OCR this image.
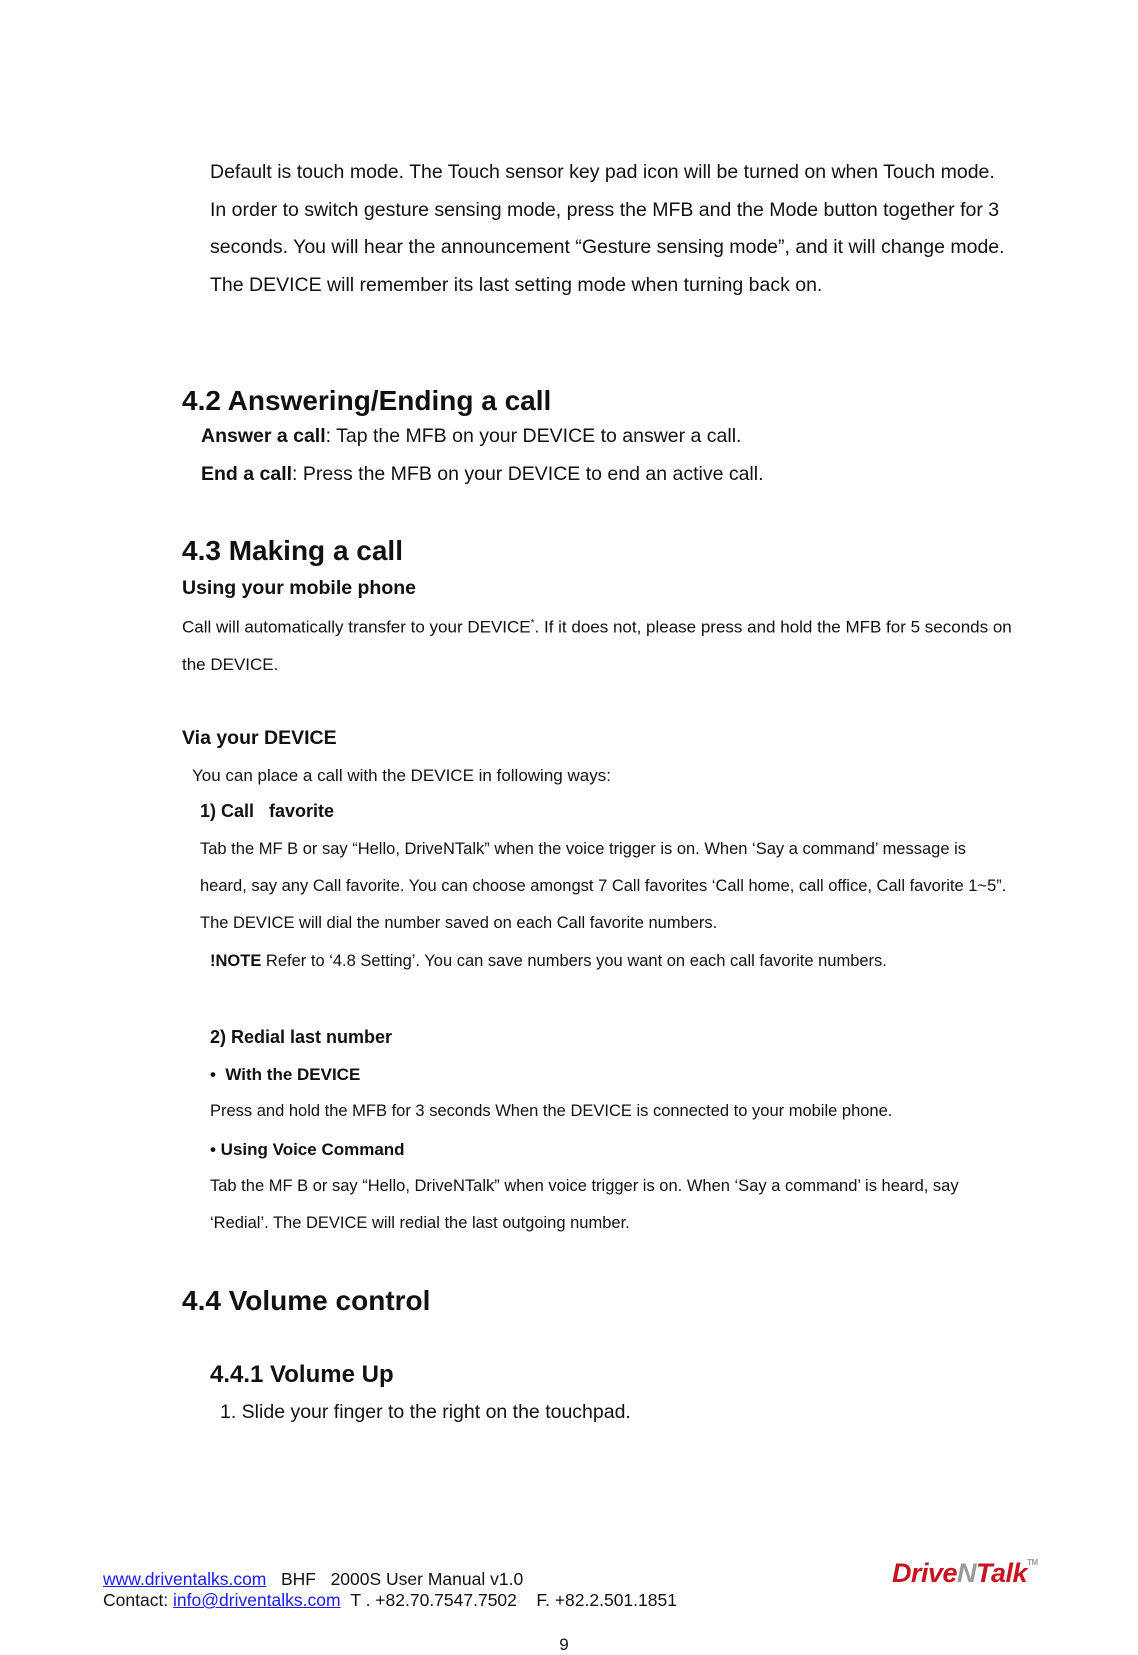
Default is touch mode. The Touch sensor key pad icon will be turned on when Touch mode. In order to switch gesture sensing mode, press the MFB and the Mode button together for 3 seconds. You will hear the announcement “Gesture sensing mode”, and it will change mode. The DEVICE will remember its last setting mode when turning back on.
4.2 Answering/Ending a call
Answer a call: Tap the MFB on your DEVICE to answer a call.
End a call: Press the MFB on your DEVICE to end an active call.
4.3 Making a call
Using your mobile phone
Call will automatically transfer to your DEVICE*. If it does not, please press and hold the MFB for 5 seconds on the DEVICE.
Via your DEVICE
You can place a call with the DEVICE in following ways:
1) Call   favorite
Tab the MF B or say “Hello, DriveNTalk” when the voice trigger is on. When ‘Say a command’ message is heard, say any Call favorite. You can choose amongst 7 Call favorites ‘Call home, call office, Call favorite 1~5”. The DEVICE will dial the number saved on each Call favorite numbers.
!NOTE Refer to ‘4.8 Setting’. You can save numbers you want on each call favorite numbers.
2) Redial last number
•  With the DEVICE
Press and hold the MFB for 3 seconds When the DEVICE is connected to your mobile phone.
• Using Voice Command
Tab the MF B or say “Hello, DriveNTalk” when voice trigger is on. When ‘Say a command’ is heard, say ‘Redial’. The DEVICE will redial the last outgoing number.
4.4 Volume control
4.4.1 Volume Up
1. Slide your finger to the right on the touchpad.
www.driventalks.com BHF   2000S User Manual v1.0
Contact: info@driventalks.com T . +82.70.7547.7502    F. +82.2.501.1851
DriveNTalk™
9
